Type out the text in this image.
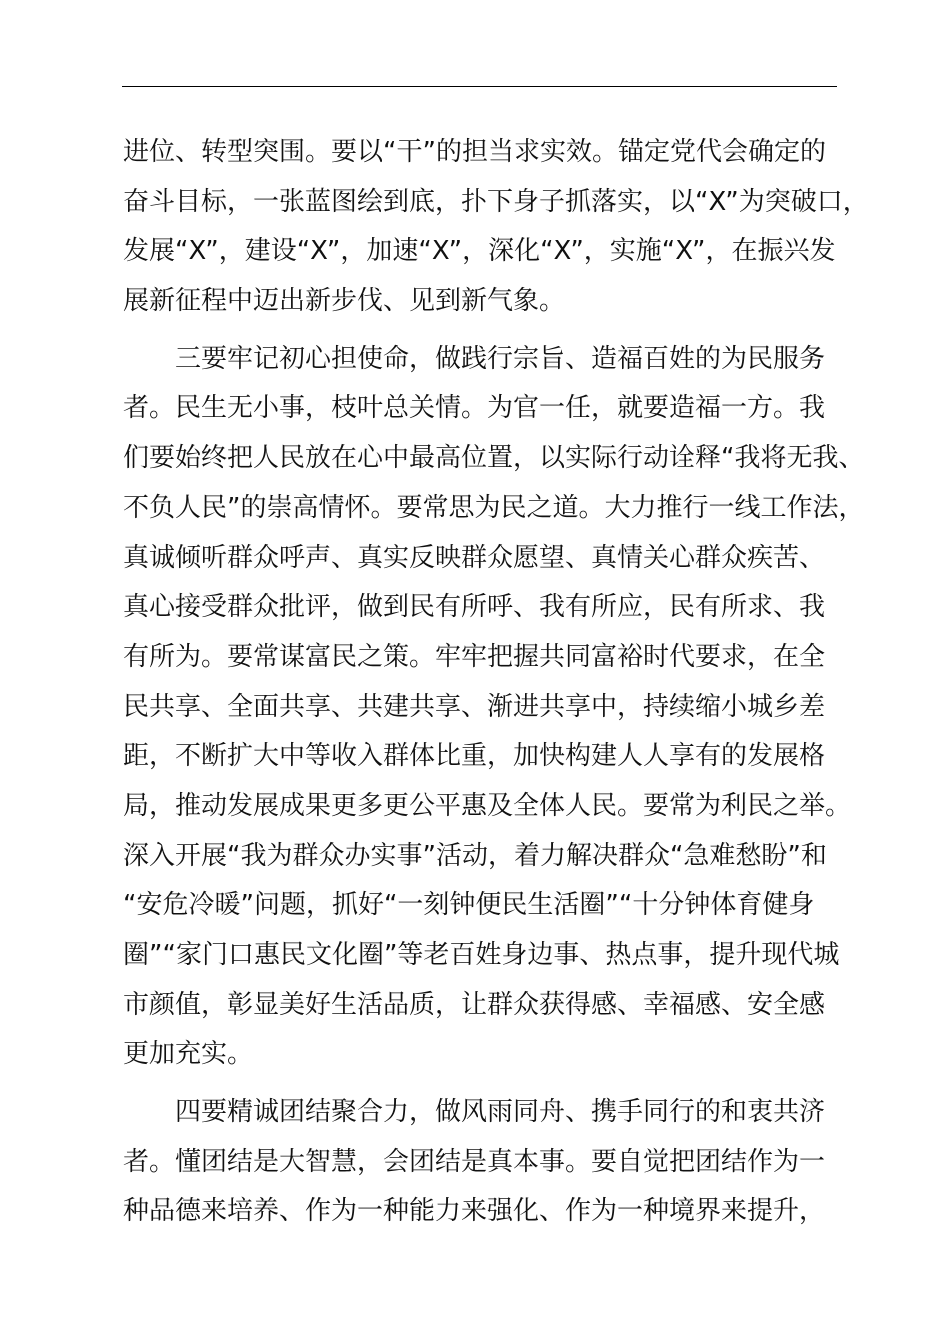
进位、转型突围。要以“干”的担当求实效。锚定党代会确定的
奋斗目标，一张蓝图绘到底，扑下身子抓落实，以“X”为突破口，
发展“X”，建设“X”，加速“X”，深化“X”，实施“X”，在振兴发
展新征程中迈出新步伐、见到新气象。
　　三要牢记初心担使命，做践行宗旨、造福百姓的为民服务
者。民生无小事，枝叶总关情。为官一任，就要造福一方。我
们要始终把人民放在心中最高位置，以实际行动诠释“我将无我、
不负人民”的崇高情怀。要常思为民之道。大力推行一线工作法，
真诚倾听群众呼声、真实反映群众愿望、真情关心群众疾苦、
真心接受群众批评，做到民有所呼、我有所应，民有所求、我
有所为。要常谋富民之策。牢牢把握共同富裕时代要求，在全
民共享、全面共享、共建共享、渐进共享中，持续缩小城乡差
距，不断扩大中等收入群体比重，加快构建人人享有的发展格
局，推动发展成果更多更公平惠及全体人民。要常为利民之举。
深入开展“我为群众办实事”活动，着力解决群众“急难愁盼”和
“安危冷暖”问题，抓好“一刻钟便民生活圈”“十分钟体育健身
圈”“家门口惠民文化圈”等老百姓身边事、热点事，提升现代城
市颜值，彰显美好生活品质，让群众获得感、幸福感、安全感
更加充实。
　　四要精诚团结聚合力，做风雨同舟、携手同行的和衷共济
者。懂团结是大智慧，会团结是真本事。要自觉把团结作为一
种品德来培养、作为一种能力来强化、作为一种境界来提升，
